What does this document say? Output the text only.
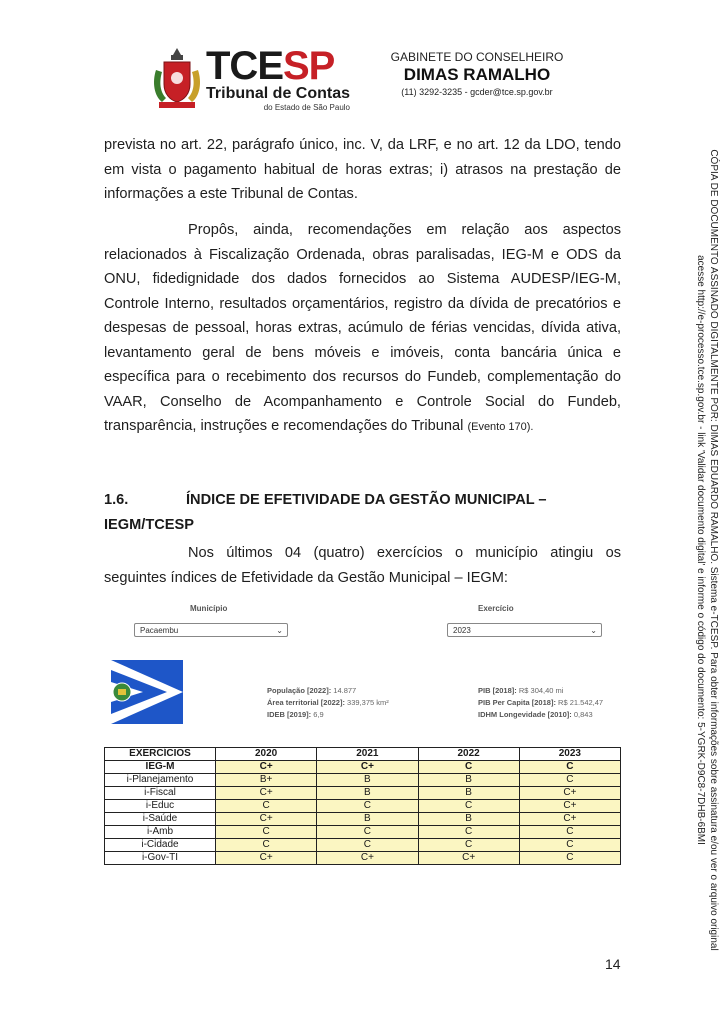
TCESP
Tribunal de Contas
do Estado de São Paulo
GABINETE DO CONSELHEIRO
DIMAS RAMALHO
(11) 3292-3235 - gcder@tce.sp.gov.br
CÓPIA DE DOCUMENTO ASSINADO DIGITALMENTE POR: DIMAS EDUARDO RAMALHO. Sistema e-TCESP. Para obter informações sobre assinatura e/ou ver o arquivo original
acesse http://e-processo.tce.sp.gov.br - link 'Validar documento digital' e informe o código do documento: 5-YGRK-D9C8-7DHB-6BMI
prevista no art. 22, parágrafo único, inc. V, da LRF, e no art. 12 da LDO, tendo em vista o pagamento habitual de horas extras; i) atrasos na prestação de informações a este Tribunal de Contas.
Propôs, ainda, recomendações em relação aos aspectos relacionados à Fiscalização Ordenada, obras paralisadas, IEG-M e ODS da ONU, fidedignidade dos dados fornecidos ao Sistema AUDESP/IEG-M, Controle Interno, resultados orçamentários, registro da dívida de precatórios e despesas de pessoal, horas extras, acúmulo de férias vencidas, dívida ativa, levantamento geral de bens móveis e imóveis, conta bancária única e específica para o recebimento dos recursos do Fundeb, complementação do VAAR, Conselho de Acompanhamento e Controle Social do Fundeb, transparência, instruções e recomendações do Tribunal (Evento 170).
1.6.	ÍNDICE DE EFETIVIDADE DA GESTÃO MUNICIPAL – IEGM/TCESP
Nos últimos 04 (quatro) exercícios o município atingiu os seguintes índices de Efetividade da Gestão Municipal – IEGM:
Município
Pacaembu	⌄
Exercício
2023	⌄
População [2022]: 14.877
Área territorial [2022]: 339,375 km²
IDEB [2019]: 6,9
PIB [2018]: R$ 304,40 mi
PIB Per Capita [2018]: R$ 21.542,47
IDHM Longevidade [2010]: 0,843
EXERCÍCIOS	2020	2021	2022	2023
IEG-M	C+	C+	C	C
i-Planejamento	B+	B	B	C
i-Fiscal	C+	B	B	C+
i-Educ	C	C	C	C+
i-Saúde	C+	B	B	C+
i-Amb	C	C	C	C
i-Cidade	C	C	C	C
i-Gov-TI	C+	C+	C+	C
14
